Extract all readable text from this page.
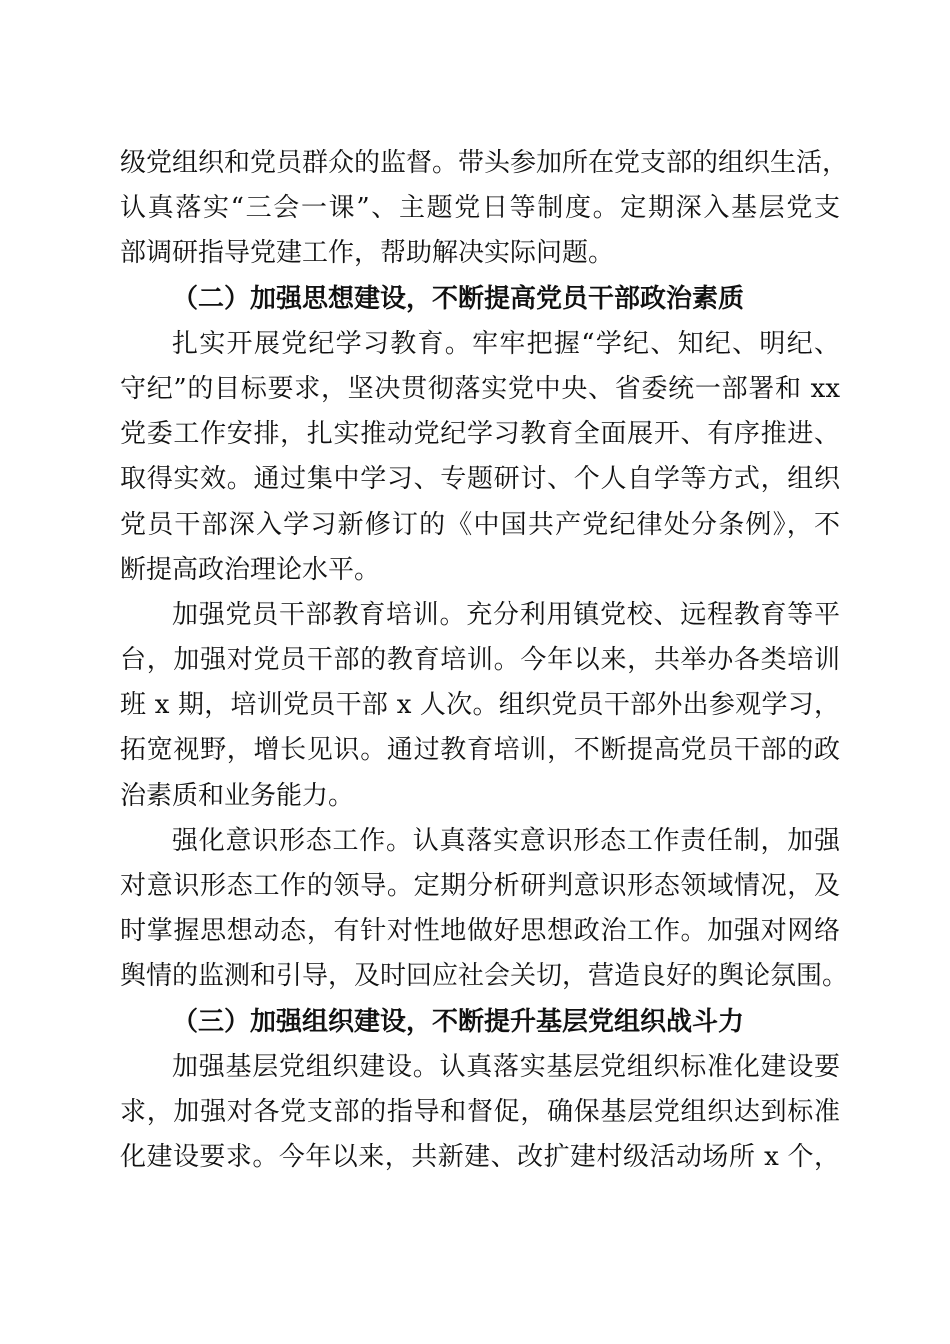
级党组织和党员群众的监督。带头参加所在党支部的组织生活，
认真落实“三会一课”、主题党日等制度。定期深入基层党支
部调研指导党建工作，帮助解决实际问题。
（二）加强思想建设，不断提高党员干部政治素质
扎实开展党纪学习教育。牢牢把握“学纪、知纪、明纪、
守纪”的目标要求，坚决贯彻落实党中央、省委统一部署和 xx
党委工作安排，扎实推动党纪学习教育全面展开、有序推进、
取得实效。通过集中学习、专题研讨、个人自学等方式，组织
党员干部深入学习新修订的《中国共产党纪律处分条例》，不
断提高政治理论水平。
加强党员干部教育培训。充分利用镇党校、远程教育等平
台，加强对党员干部的教育培训。今年以来，共举办各类培训
班 x 期，培训党员干部 x 人次。组织党员干部外出参观学习，
拓宽视野，增长见识。通过教育培训，不断提高党员干部的政
治素质和业务能力。
强化意识形态工作。认真落实意识形态工作责任制，加强
对意识形态工作的领导。定期分析研判意识形态领域情况，及
时掌握思想动态，有针对性地做好思想政治工作。加强对网络
舆情的监测和引导，及时回应社会关切，营造良好的舆论氛围。
（三）加强组织建设，不断提升基层党组织战斗力
加强基层党组织建设。认真落实基层党组织标准化建设要
求，加强对各党支部的指导和督促，确保基层党组织达到标准
化建设要求。今年以来，共新建、改扩建村级活动场所 x 个，
